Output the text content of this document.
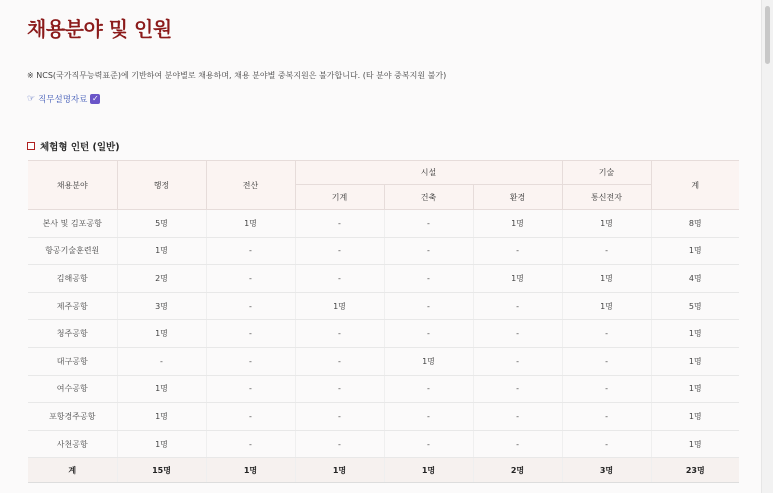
채용분야 및 인원
※ NCS(국가직무능력표준)에 기반하여 분야별로 채용하며, 채용 분야별 중복지원은 불가합니다. (타 분야 중복지원 불가)
☞ 직무설명자료 ✓
체험형 인턴 (일반)
채용분야	행정	전산	시설			기술	계
			기계	건축	환경	통신전자	
본사 및 김포공항	5명	1명	-	-	1명	1명	8명
항공기술훈련원	1명	-	-	-	-	-	1명
김해공항	2명	-	-	-	1명	1명	4명
제주공항	3명	-	1명	-	-	1명	5명
청주공항	1명	-	-	-	-	-	1명
대구공항	-	-	-	1명	-	-	1명
여수공항	1명	-	-	-	-	-	1명
포항경주공항	1명	-	-	-	-	-	1명
사천공항	1명	-	-	-	-	-	1명
계	15명	1명	1명	1명	2명	3명	23명
